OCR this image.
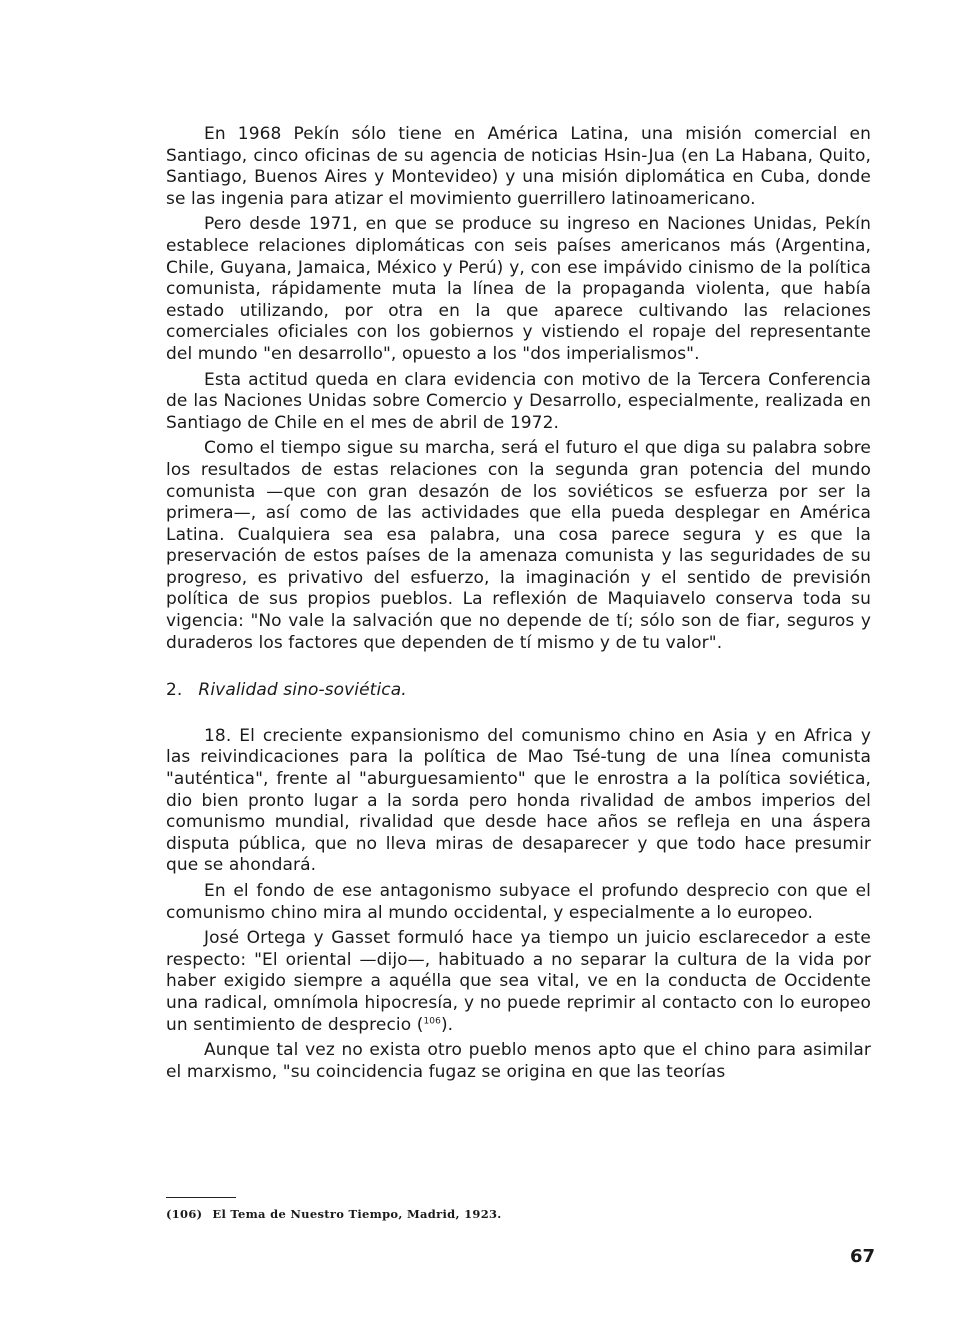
En 1968 Pekín sólo tiene en América Latina, una misión comercial en Santiago, cinco oficinas de su agencia de noticias Hsin-Jua (en La Habana, Quito, Santiago, Buenos Aires y Montevideo) y una misión diplomática en Cuba, donde se las ingenia para atizar el movimiento guerrillero latinoamericano.

Pero desde 1971, en que se produce su ingreso en Naciones Unidas, Pekín establece relaciones diplomáticas con seis países americanos más (Argentina, Chile, Guyana, Jamaica, México y Perú) y, con ese impávido cinismo de la política comunista, rápidamente muta la línea de la propaganda violenta, que había estado utilizando, por otra en la que aparece cultivando las relaciones comerciales oficiales con los gobiernos y vistiendo el ropaje del representante del mundo "en desarrollo", opuesto a los "dos imperialismos".

Esta actitud queda en clara evidencia con motivo de la Tercera Conferencia de las Naciones Unidas sobre Comercio y Desarrollo, especialmente, realizada en Santiago de Chile en el mes de abril de 1972.

Como el tiempo sigue su marcha, será el futuro el que diga su palabra sobre los resultados de estas relaciones con la segunda gran potencia del mundo comunista —que con gran desazón de los soviéticos se esfuerza por ser la primera—, así como de las actividades que ella pueda desplegar en América Latina. Cualquiera sea esa palabra, una cosa parece segura y es que la preservación de estos países de la amenaza comunista y las seguridades de su progreso, es privativo del esfuerzo, la imaginación y el sentido de previsión política de sus propios pueblos. La reflexión de Maquiavelo conserva toda su vigencia: "No vale la salvación que no depende de tí; sólo son de fiar, seguros y duraderos los factores que dependen de tí mismo y de tu valor".

2. Rivalidad sino-soviética.

18. El creciente expansionismo del comunismo chino en Asia y en Africa y las reivindicaciones para la política de Mao Tsé-tung de una línea comunista "auténtica", frente al "aburguesamiento" que le enrostra a la política soviética, dio bien pronto lugar a la sorda pero honda rivalidad de ambos imperios del comunismo mundial, rivalidad que desde hace años se refleja en una áspera disputa pública, que no lleva miras de desaparecer y que todo hace presumir que se ahondará.

En el fondo de ese antagonismo subyace el profundo desprecio con que el comunismo chino mira al mundo occidental, y especialmente a lo europeo.

José Ortega y Gasset formuló hace ya tiempo un juicio esclarecedor a este respecto: "El oriental —dijo—, habituado a no separar la cultura de la vida por haber exigido siempre a aquélla que sea vital, ve en la conducta de Occidente una radical, omnímola hipocresía, y no puede reprimir al contacto con lo europeo un sentimiento de desprecio ($^{106}$).

Aunque tal vez no exista otro pueblo menos apto que el chino para asimilar el marxismo, "su coincidencia fugaz se origina en que las teorías

(106) El Tema de Nuestro Tiempo, Madrid, 1923.
67
